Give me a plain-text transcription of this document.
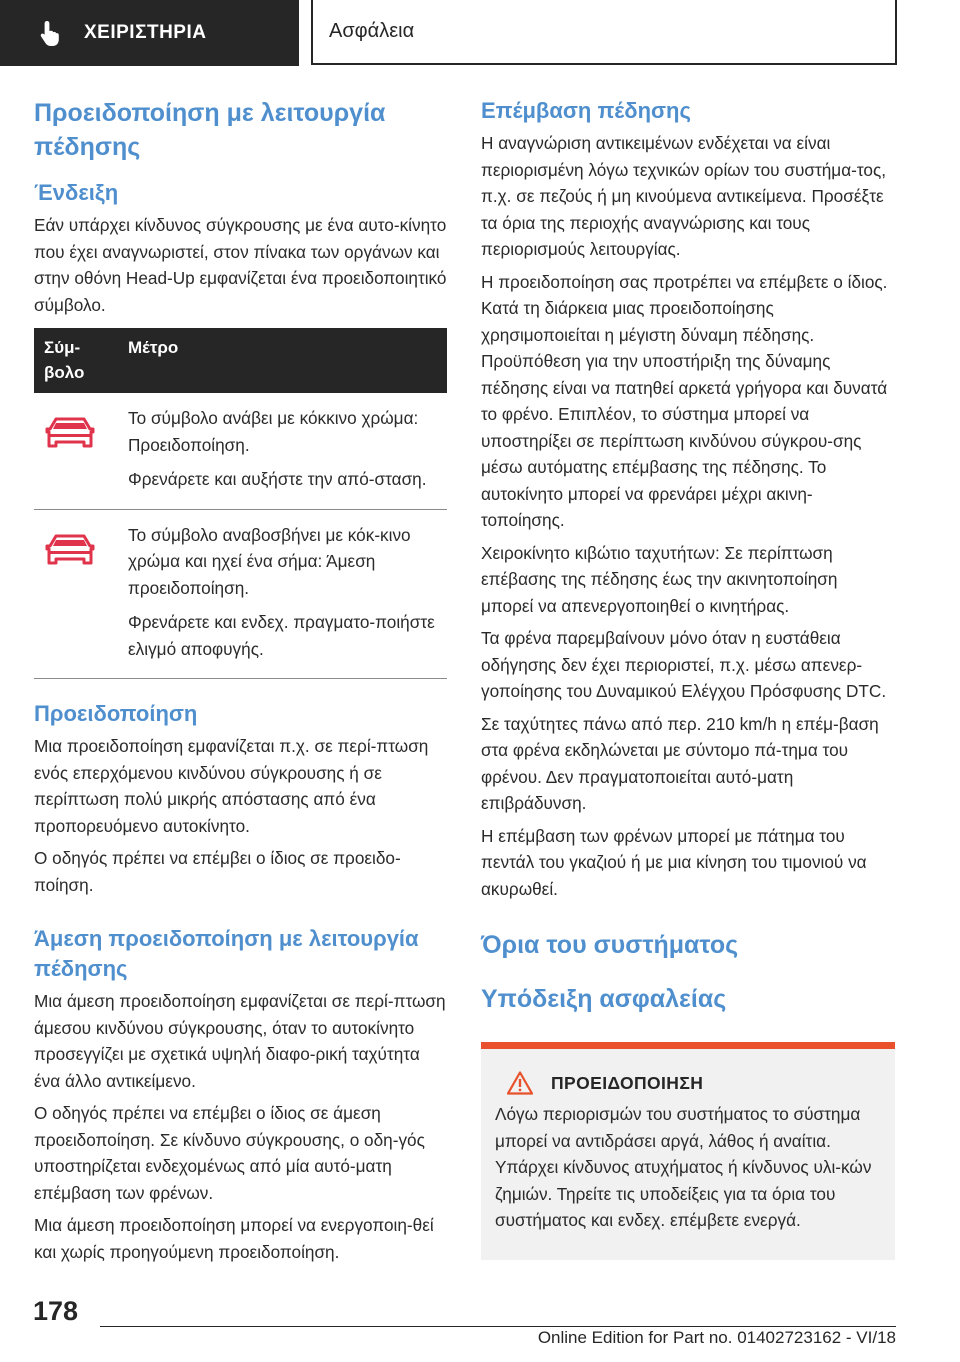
ΧΕΙΡΙΣΤΗΡΙΑ	Ασφάλεια
Προειδοποίηση με λειτουργία πέδησης
Ένδειξη

Εάν υπάρχει κίνδυνος σύγκρουσης με ένα αυτο-κίνητο που έχει αναγνωριστεί, στον πίνακα των οργάνων και στην οθόνη Head-Up εμφανίζεται ένα προειδοποιητικό σύμβολο.

Σύμ-βολο
Μέτρο

Το σύμβολο ανάβει με κόκκινο χρώμα: Προειδοποίηση.

Φρενάρετε και αυξήστε την από-σταση.

Το σύμβολο αναβοσβήνει με κόκ-κινο χρώμα και ηχεί ένα σήμα: Άμεση προειδοποίηση.

Φρενάρετε και ενδεχ. πραγματο-ποιήστε ελιγμό αποφυγής.

Προειδοποίηση

Μια προειδοποίηση εμφανίζεται π.χ. σε περί-πτωση ενός επερχόμενου κινδύνου σύγκρουσης ή σε περίπτωση πολύ μικρής απόστασης από ένα προπορευόμενο αυτοκίνητο.

Ο οδηγός πρέπει να επέμβει ο ίδιος σε προειδο-ποίηση.

Άμεση προειδοποίηση με λειτουργία πέδησης

Μια άμεση προειδοποίηση εμφανίζεται σε περί-πτωση άμεσου κινδύνου σύγκρουσης, όταν το αυτοκίνητο προσεγγίζει με σχετικά υψηλή διαφο-ρική ταχύτητα ένα άλλο αντικείμενο.

Ο οδηγός πρέπει να επέμβει ο ίδιος σε άμεση προειδοποίηση. Σε κίνδυνο σύγκρουσης, ο οδη-γός υποστηρίζεται ενδεχομένως από μία αυτό-ματη επέμβαση των φρένων.

Μια άμεση προειδοποίηση μπορεί να ενεργοποιη-θεί και χωρίς προηγούμενη προειδοποίηση.

Επέμβαση πέδησης

Η αναγνώριση αντικειμένων ενδέχεται να είναι περιορισμένη λόγω τεχνικών ορίων του συστήμα-τος, π.χ. σε πεζούς ή μη κινούμενα αντικείμενα. Προσέξτε τα όρια της περιοχής αναγνώρισης και τους περιορισμούς λειτουργίας.

Η προειδοποίηση σας προτρέπει να επέμβετε ο ίδιος. Κατά τη διάρκεια μιας προειδοποίησης χρησιμοποιείται η μέγιστη δύναμη πέδησης. Προϋπόθεση για την υποστήριξη της δύναμης πέδησης είναι να πατηθεί αρκετά γρήγορα και δυνατά το φρένο. Επιπλέον, το σύστημα μπορεί να υποστηρίξει σε περίπτωση κινδύνου σύγκρου-σης μέσω αυτόματης επέμβασης της πέδησης. Το αυτοκίνητο μπορεί να φρενάρει μέχρι ακινη-τοποίησης.

Χειροκίνητο κιβώτιο ταχυτήτων: Σε περίπτωση επέβασης της πέδησης έως την ακινητοποίηση μπορεί να απενεργοποιηθεί ο κινητήρας.

Τα φρένα παρεμβαίνουν μόνο όταν η ευστάθεια οδήγησης δεν έχει περιοριστεί, π.χ. μέσω απενερ-γοποίησης του Δυναμικού Ελέγχου Πρόσφυσης DTC.

Σε ταχύτητες πάνω από περ. 210 km/h η επέμ-βαση στα φρένα εκδηλώνεται με σύντομο πά-τημα του φρένου. Δεν πραγματοποιείται αυτό-ματη επιβράδυνση.

Η επέμβαση των φρένων μπορεί με πάτημα του πεντάλ του γκαζιού ή με μια κίνηση του τιμονιού να ακυρωθεί.

Όρια του συστήματος
Υπόδειξη ασφαλείας
ΠΡΟΕΙΔΟΠΟΙΗΣΗ

Λόγω περιορισμών του συστήματος το σύστημα μπορεί να αντιδράσει αργά, λάθος ή αναίτια. Υπάρχει κίνδυνος ατυχήματος ή κίνδυνος υλι-κών ζημιών. Τηρείτε τις υποδείξεις για τα όρια του συστήματος και ενδεχ. επέμβετε ενεργά.

178
Online Edition for Part no. 01402723162 - VI/18
